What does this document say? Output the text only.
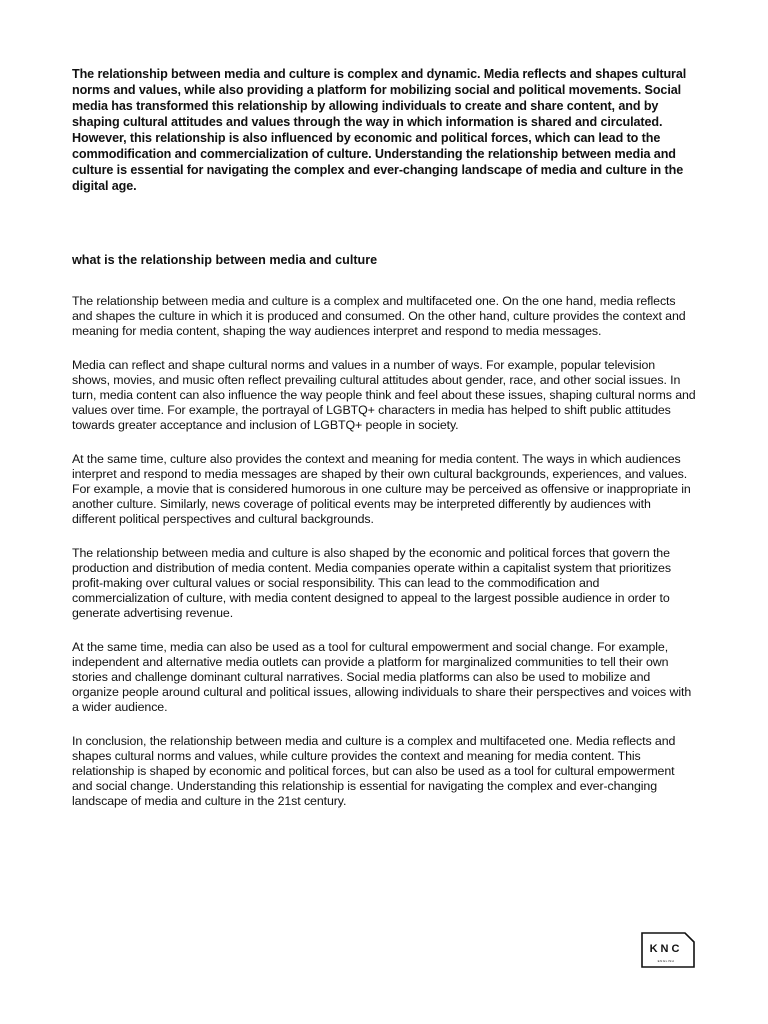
The relationship between media and culture is complex and dynamic. Media reflects and shapes cultural norms and values, while also providing a platform for mobilizing social and political movements. Social media has transformed this relationship by allowing individuals to create and share content, and by shaping cultural attitudes and values through the way in which information is shared and circulated. However, this relationship is also influenced by economic and political forces, which can lead to the commodification and commercialization of culture. Understanding the relationship between media and culture is essential for navigating the complex and ever-changing landscape of media and culture in the digital age.

what is the relationship between media and culture

The relationship between media and culture is a complex and multifaceted one. On the one hand, media reflects and shapes the culture in which it is produced and consumed. On the other hand, culture provides the context and meaning for media content, shaping the way audiences interpret and respond to media messages.

Media can reflect and shape cultural norms and values in a number of ways. For example, popular television shows, movies, and music often reflect prevailing cultural attitudes about gender, race, and other social issues. In turn, media content can also influence the way people think and feel about these issues, shaping cultural norms and values over time. For example, the portrayal of LGBTQ+ characters in media has helped to shift public attitudes towards greater acceptance and inclusion of LGBTQ+ people in society.

At the same time, culture also provides the context and meaning for media content. The ways in which audiences interpret and respond to media messages are shaped by their own cultural backgrounds, experiences, and values. For example, a movie that is considered humorous in one culture may be perceived as offensive or inappropriate in another culture. Similarly, news coverage of political events may be interpreted differently by audiences with different political perspectives and cultural backgrounds.

The relationship between media and culture is also shaped by the economic and political forces that govern the production and distribution of media content. Media companies operate within a capitalist system that prioritizes profit-making over cultural values or social responsibility. This can lead to the commodification and commercialization of culture, with media content designed to appeal to the largest possible audience in order to generate advertising revenue.

At the same time, media can also be used as a tool for cultural empowerment and social change. For example, independent and alternative media outlets can provide a platform for marginalized communities to tell their own stories and challenge dominant cultural narratives. Social media platforms can also be used to mobilize and organize people around cultural and political issues, allowing individuals to share their perspectives and voices with a wider audience.

In conclusion, the relationship between media and culture is a complex and multifaceted one. Media reflects and shapes cultural norms and values, while culture provides the context and meaning for media content. This relationship is shaped by economic and political forces, but can also be used as a tool for cultural empowerment and social change. Understanding this relationship is essential for navigating the complex and ever-changing landscape of media and culture in the 21st century.

KNC
ENGLISH
